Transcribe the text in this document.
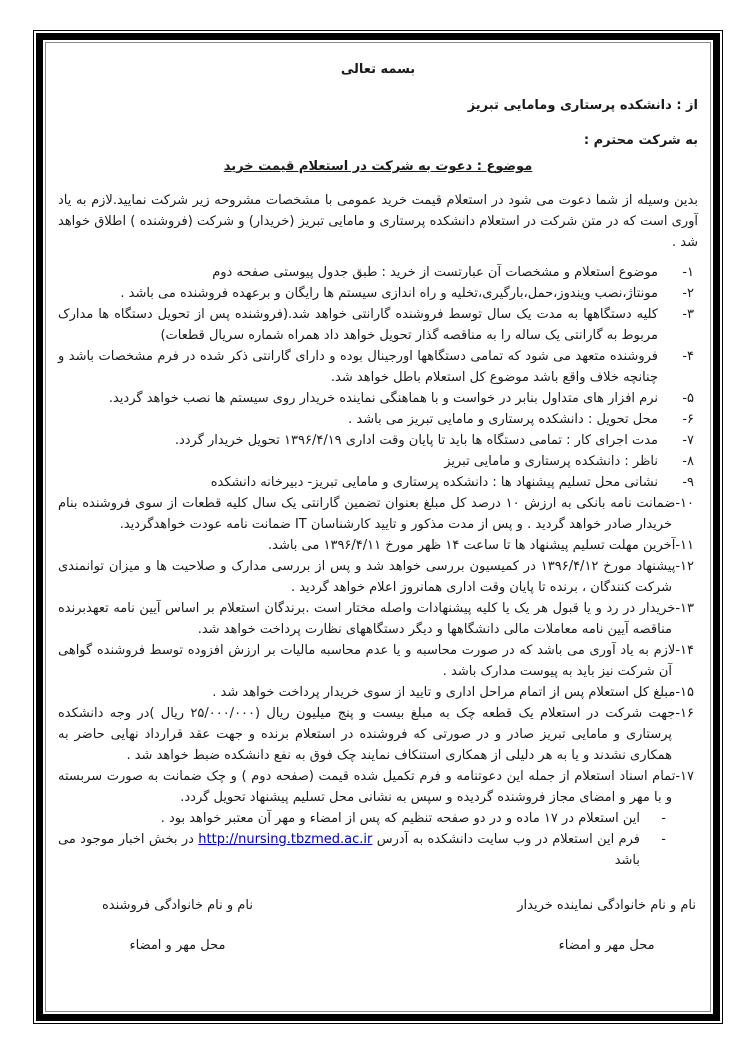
بسمه تعالی
از : دانشکده پرستاری ومامایی تبریز
به شرکت محترم :
موضوع : دعوت به شرکت در استعلام قیمت خرید

بدین وسیله از شما دعوت می شود در استعلام قیمت خرید عمومی با مشخصات مشروحه زیر شرکت نمایید.لازم به یاد آوری است که در متن شرکت در استعلام دانشکده پرستاری و مامایی تبریز (خریدار) و شرکت (فروشنده ) اطلاق خواهد شد .

۱-موضوع استعلام و مشخصات آن عبارتست از خرید : طبق جدول پیوستی صفحه دوم
۲-مونتاژ،نصب ویندوز،حمل،بارگیری،تخلیه و راه اندازی سیستم ها رایگان و برعهده فروشنده می باشد .
۳-کلیه دستگاهها به مدت یک سال توسط فروشنده گارانتی خواهد شد.(فروشنده پس از تحویل دستگاه ها مدارک مربوط به گارانتی یک ساله را به مناقصه گذار تحویل خواهد داد همراه شماره سریال قطعات)
۴-فروشنده متعهد می شود که تمامی دستگاهها اورجینال بوده و دارای گارانتی ذکر شده در فرم مشخصات باشد و چنانچه خلاف واقع باشد موضوع کل استعلام باطل خواهد شد.
۵-نرم افزار های متداول بنابر در خواست و با هماهنگی نماینده خریدار روی سیستم ها نصب خواهد گردید.
۶-محل تحویل : دانشکده پرستاری و مامایی تبریز می باشد .
۷-مدت اجرای کار : تمامی دستگاه ها باید تا پایان وقت اداری ۱۳۹۶/۴/۱۹ تحویل خریدار گردد.
۸-ناظر : دانشکده پرستاری و مامایی تبریز
۹-نشانی محل تسلیم پیشنهاد ها : دانشکده پرستاری و مامایی تبریز- دبیرخانه دانشکده
۱۰-ضمانت نامه بانکی به ارزش ۱۰ درصد کل مبلغ بعنوان تضمین گارانتی یک سال کلیه قطعات از سوی فروشنده بنام خریدار صادر خواهد گردید . و پس از مدت مذکور و تایید کارشناسان IT ضمانت نامه عودت خواهدگردید.
۱۱-آخرین مهلت تسلیم پیشنهاد ها تا ساعت ۱۴ ظهر مورخ ۱۳۹۶/۴/۱۱ می باشد.
۱۲-پیشنهاد مورخ ۱۳۹۶/۴/۱۲ در کمیسیون بررسی خواهد شد و پس از بررسی مدارک و صلاحیت ها و میزان توانمندی شرکت کنندگان ، برنده تا پایان وقت اداری همانروز اعلام خواهد گردید .
۱۳-خریدار در رد و یا قبول هر یک یا کلیه پیشنهادات واصله مختار است .برندگان استعلام بر اساس آیین نامه تعهدبرنده مناقصه آیین نامه معاملات مالی دانشگاهها و دیگر دستگاههای نظارت پرداخت خواهد شد.
۱۴-لازم به یاد آوری می باشد که در صورت محاسبه و یا عدم محاسبه مالیات بر ارزش افزوده توسط فروشنده گواهی آن شرکت نیز باید به پیوست مدارک باشد .
۱۵-مبلغ کل استعلام پس از اتمام مراحل اداری و تایید از سوی خریدار پرداخت خواهد شد .
۱۶-جهت شرکت در استعلام یک قطعه چک به مبلغ بیست و پنج میلیون ریال (۲۵/۰۰۰/۰۰۰ ریال )در وجه دانشکده پرستاری و مامایی تبریز صادر و در صورتی که فروشنده در استعلام برنده و جهت عقد قرارداد نهایی حاضر به همکاری نشدند و یا به هر دلیلی از همکاری استنکاف نمایند چک فوق به نفع دانشکده ضبط خواهد شد .
۱۷-تمام اسناد استعلام از جمله این دعوتنامه و فرم تکمیل شده قیمت (صفحه دوم ) و چک ضمانت به صورت سربسته و با مهر و امضای مجاز فروشنده گردیده و سپس به نشانی محل تسلیم پیشنهاد تحویل گردد.
-این استعلام در ۱۷ ماده و در دو صفحه تنظیم که پس از امضاء و مهر آن معتبر خواهد بود .
-فرم این استعلام در وب سایت دانشکده به آدرس http://nursing.tbzmed.ac.ir در بخش اخبار موجود می باشد
نام و نام خانوادگی نماینده خریدار
محل مهر و امضاء
نام و نام خانوادگی فروشنده
محل مهر و امضاء
